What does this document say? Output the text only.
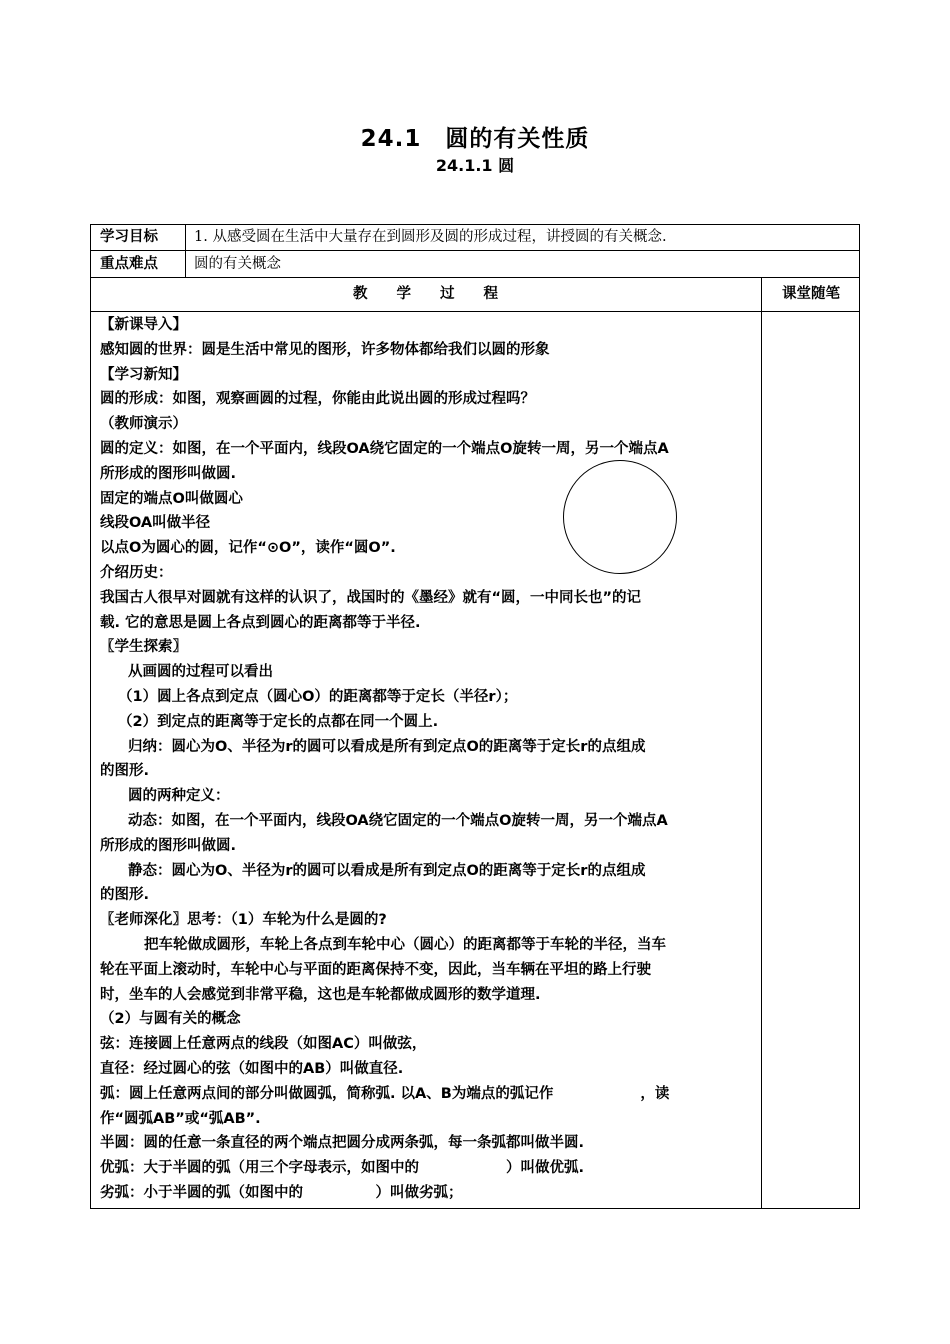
24.1　圆的有关性质
24.1.1 圆
学习目标 1. 从感受圆在生活中大量存在到圆形及圆的形成过程，讲授圆的有关概念.
重点难点 圆的有关概念
教　　学　　过　　程	课堂随笔
【新课导入】
感知圆的世界：圆是生活中常见的图形，许多物体都给我们以圆的形象
【学习新知】
圆的形成：如图，观察画圆的过程，你能由此说出圆的形成过程吗？
（教师演示）
圆的定义：如图，在一个平面内，线段OA绕它固定的一个端点O旋转一周，另一个端点A
所形成的图形叫做圆.
固定的端点O叫做圆心
线段OA叫做半径
以点O为圆心的圆，记作“⊙O”，读作“圆O”.
介绍历史：
我国古人很早对圆就有这样的认识了，战国时的《墨经》就有“圆，一中同长也”的记
载. 它的意思是圆上各点到圆心的距离都等于半径.
〖学生探索〗
从画圆的过程可以看出
（1）圆上各点到定点（圆心O）的距离都等于定长（半径r）；
（2）到定点的距离等于定长的点都在同一个圆上.
归纳：圆心为O、半径为r的圆可以看成是所有到定点O的距离等于定长r的点组成
的图形.
圆的两种定义：
动态：如图，在一个平面内，线段OA绕它固定的一个端点O旋转一周，另一个端点A
所形成的图形叫做圆.
静态：圆心为O、半径为r的圆可以看成是所有到定点O的距离等于定长r的点组成
的图形.
〖老师深化〗思考：（1）车轮为什么是圆的?
把车轮做成圆形，车轮上各点到车轮中心（圆心）的距离都等于车轮的半径，当车
轮在平面上滚动时，车轮中心与平面的距离保持不变，因此，当车辆在平坦的路上行驶
时，坐车的人会感觉到非常平稳，这也是车轮都做成圆形的数学道理.
（2）与圆有关的概念
弦：连接圆上任意两点的线段（如图AC）叫做弦，
直径：经过圆心的弦（如图中的AB）叫做直径.
弧：圆上任意两点间的部分叫做圆弧，简称弧. 以A、B为端点的弧记作　　　　　　，读
作“圆弧AB”或“弧AB”.
半圆：圆的任意一条直径的两个端点把圆分成两条弧，每一条弧都叫做半圆.
优弧：大于半圆的弧（用三个字母表示，如图中的　　　　　　）叫做优弧.
劣弧：小于半圆的弧（如图中的　　　　　）叫做劣弧；
